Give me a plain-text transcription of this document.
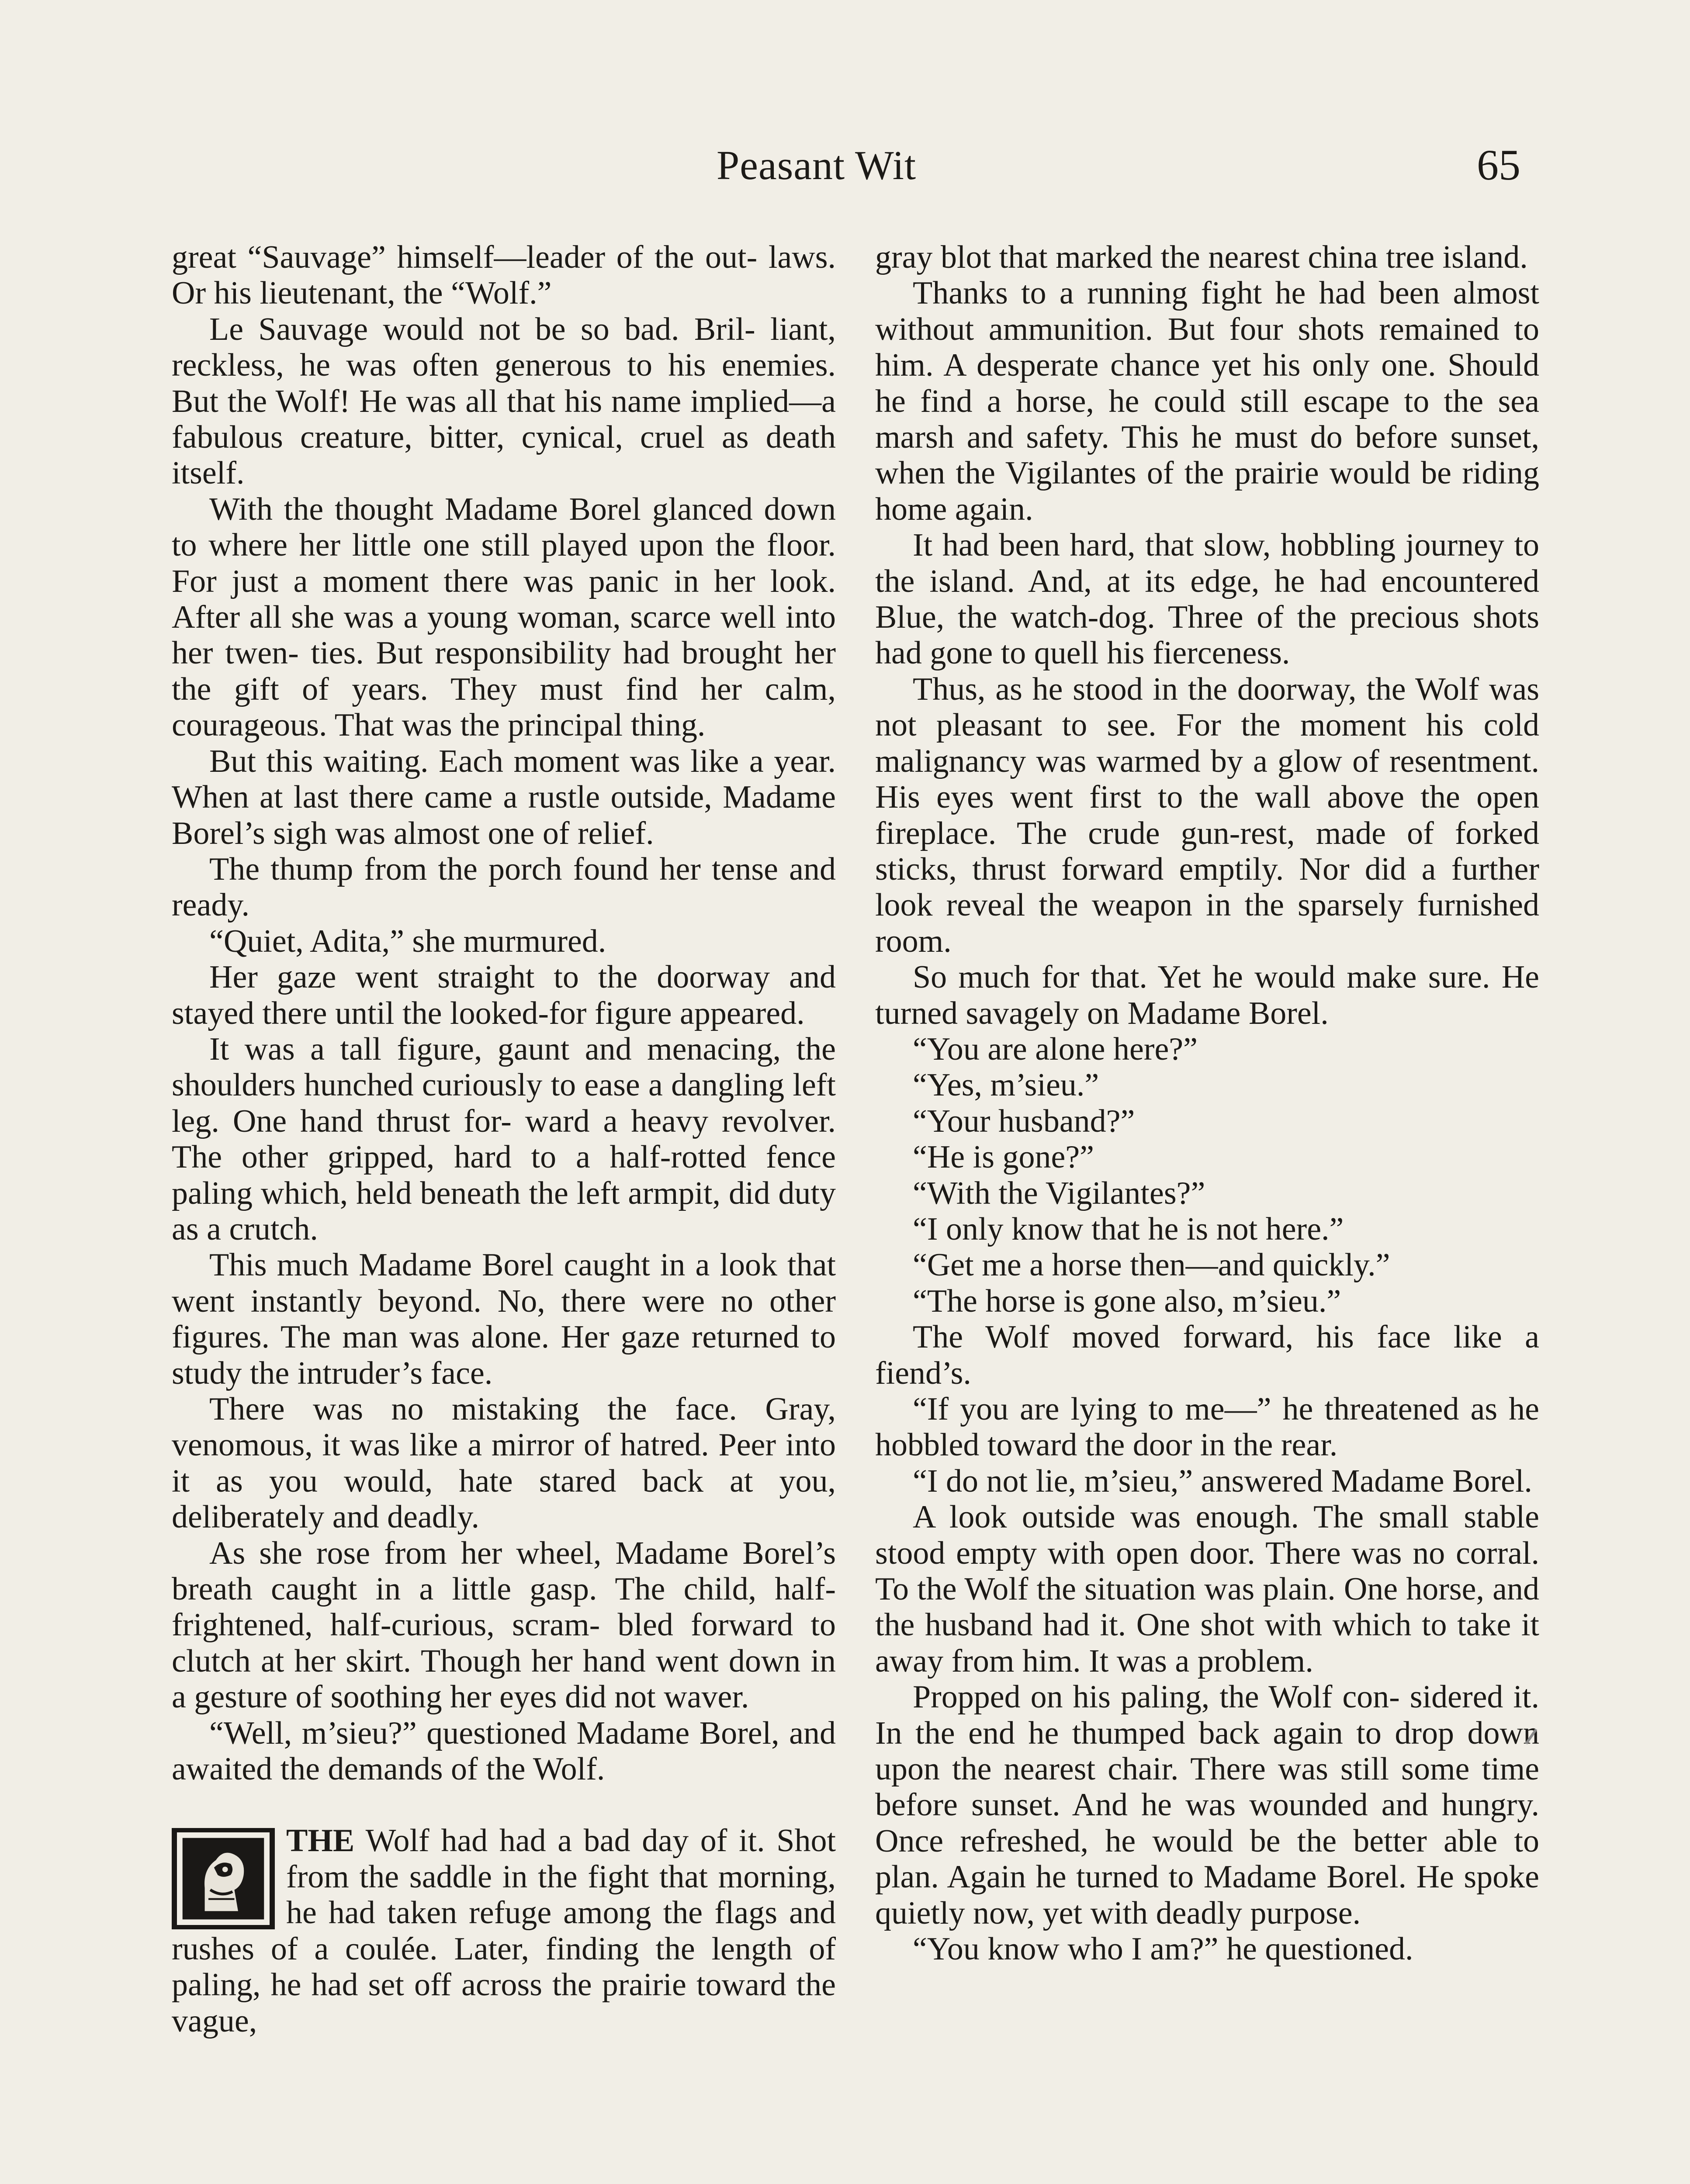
Peasant Wit	65

great “Sauvage” himself—leader of the out- laws. Or his lieutenant, the “Wolf.”

Le Sauvage would not be so bad. Bril- liant, reckless, he was often generous to his enemies. But the Wolf! He was all that his name implied—a fabulous creature, bitter, cynical, cruel as death itself.

With the thought Madame Borel glanced down to where her little one still played upon the floor. For just a moment there was panic in her look. After all she was a young woman, scarce well into her twen- ties. But responsibility had brought her the gift of years. They must find her calm, courageous. That was the principal thing.

But this waiting. Each moment was like a year. When at last there came a rustle outside, Madame Borel’s sigh was almost one of relief.

The thump from the porch found her tense and ready.

“Quiet, Adita,” she murmured.

Her gaze went straight to the doorway and stayed there until the looked-for figure appeared.

It was a tall figure, gaunt and menacing, the shoulders hunched curiously to ease a dangling left leg. One hand thrust for- ward a heavy revolver. The other gripped, hard to a half-rotted fence paling which, held beneath the left armpit, did duty as a crutch.

This much Madame Borel caught in a look that went instantly beyond. No, there were no other figures. The man was alone. Her gaze returned to study the intruder’s face.

There was no mistaking the face. Gray, venomous, it was like a mirror of hatred. Peer into it as you would, hate stared back at you, deliberately and deadly.

As she rose from her wheel, Madame Borel’s breath caught in a little gasp. The child, half-frightened, half-curious, scram- bled forward to clutch at her skirt. Though her hand went down in a gesture of soothing her eyes did not waver.

“Well, m’sieu?” questioned Madame Borel, and awaited the demands of the Wolf.

THE Wolf had had a bad day of it. Shot from the saddle in the fight that morning, he had taken refuge among the flags and rushes of a coulée. Later, finding the length of paling, he had set off across the prairie toward the vague,

gray blot that marked the nearest china tree island.

Thanks to a running fight he had been almost without ammunition. But four shots remained to him. A desperate chance yet his only one. Should he find a horse, he could still escape to the sea marsh and safety. This he must do before sunset, when the Vigilantes of the prairie would be riding home again.

It had been hard, that slow, hobbling journey to the island. And, at its edge, he had encountered Blue, the watch-dog. Three of the precious shots had gone to quell his fierceness.

Thus, as he stood in the doorway, the Wolf was not pleasant to see. For the moment his cold malignancy was warmed by a glow of resentment. His eyes went first to the wall above the open fireplace. The crude gun-rest, made of forked sticks, thrust forward emptily. Nor did a further look reveal the weapon in the sparsely furnished room.

So much for that. Yet he would make sure. He turned savagely on Madame Borel.

“You are alone here?”

“Yes, m’sieu.”

“Your husband?”

“He is gone?”

“With the Vigilantes?”

“I only know that he is not here.”

“Get me a horse then—and quickly.”

“The horse is gone also, m’sieu.”

The Wolf moved forward, his face like a fiend’s.

“If you are lying to me—” he threatened as he hobbled toward the door in the rear.

“I do not lie, m’sieu,” answered Madame Borel.

A look outside was enough. The small stable stood empty with open door. There was no corral. To the Wolf the situation was plain. One horse, and the husband had it. One shot with which to take it away from him. It was a problem.

Propped on his paling, the Wolf con- sidered it. In the end he thumped back again to drop down upon the nearest chair. There was still some time before sunset. And he was wounded and hungry. Once refreshed, he would be the better able to plan. Again he turned to Madame Borel. He spoke quietly now, yet with deadly purpose.

“You know who I am?” he questioned.
